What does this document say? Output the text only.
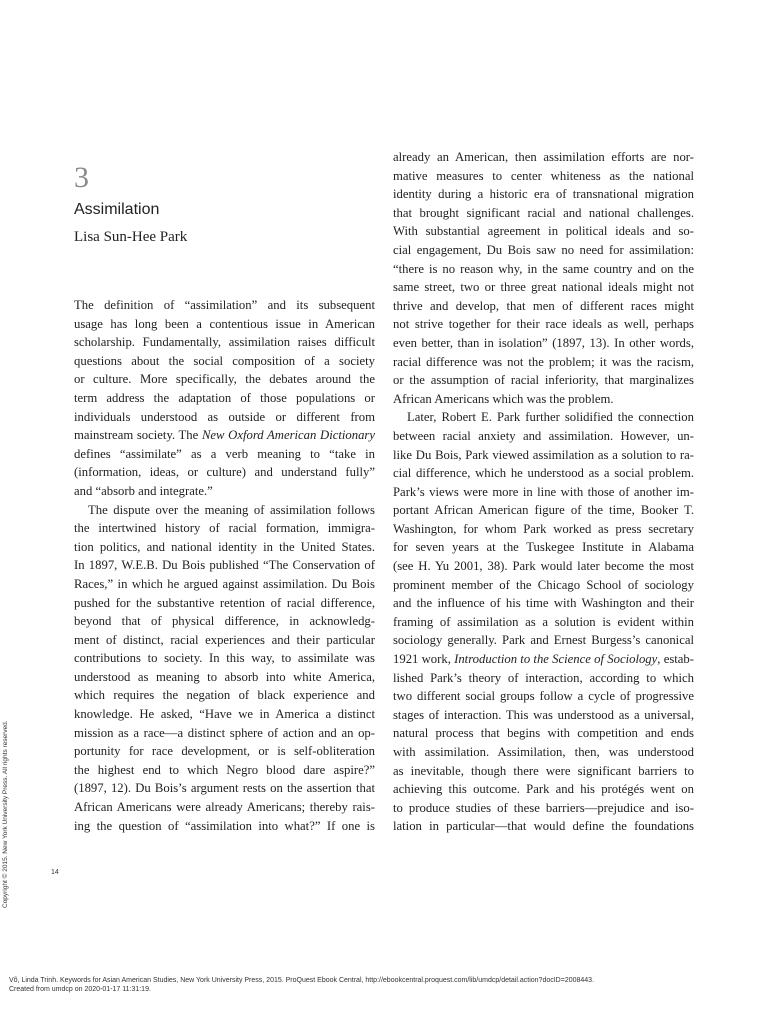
3
Assimilation
Lisa Sun-Hee Park
The definition of “assimilation” and its subsequent
usage has long been a contentious issue in American
scholarship. Fundamentally, assimilation raises difficult
questions about the social composition of a society
or culture. More specifically, the debates around the
term address the adaptation of those populations or
individuals understood as outside or different from
mainstream society. The New Oxford American Dictionary
defines “assimilate” as a verb meaning to “take in
(information, ideas, or culture) and understand fully”
and “absorb and integrate.”
The dispute over the meaning of assimilation follows
the intertwined history of racial formation, immigra-
tion politics, and national identity in the United States.
In 1897, W.E.B. Du Bois published “The Conservation of
Races,” in which he argued against assimilation. Du Bois
pushed for the substantive retention of racial difference,
beyond that of physical difference, in acknowledg-
ment of distinct, racial experiences and their particular
contributions to society. In this way, to assimilate was
understood as meaning to absorb into white America,
which requires the negation of black experience and
knowledge. He asked, “Have we in America a distinct
mission as a race—a distinct sphere of action and an op-
portunity for race development, or is self-obliteration
the highest end to which Negro blood dare aspire?”
(1897, 12). Du Bois’s argument rests on the assertion that
African Americans were already Americans; thereby rais-
ing the question of “assimilation into what?” If one is
already an American, then assimilation efforts are nor-
mative measures to center whiteness as the national
identity during a historic era of transnational migration
that brought significant racial and national challenges.
With substantial agreement in political ideals and so-
cial engagement, Du Bois saw no need for assimilation:
“there is no reason why, in the same country and on the
same street, two or three great national ideals might not
thrive and develop, that men of different races might
not strive together for their race ideals as well, perhaps
even better, than in isolation” (1897, 13). In other words,
racial difference was not the problem; it was the racism,
or the assumption of racial inferiority, that marginalizes
African Americans which was the problem.
Later, Robert E. Park further solidified the connection
between racial anxiety and assimilation. However, un-
like Du Bois, Park viewed assimilation as a solution to ra-
cial difference, which he understood as a social problem.
Park’s views were more in line with those of another im-
portant African American figure of the time, Booker T.
Washington, for whom Park worked as press secretary
for seven years at the Tuskegee Institute in Alabama
(see H. Yu 2001, 38). Park would later become the most
prominent member of the Chicago School of sociology
and the influence of his time with Washington and their
framing of assimilation as a solution is evident within
sociology generally. Park and Ernest Burgess’s canonical
1921 work, Introduction to the Science of Sociology, estab-
lished Park’s theory of interaction, according to which
two different social groups follow a cycle of progressive
stages of interaction. This was understood as a universal,
natural process that begins with competition and ends
with assimilation. Assimilation, then, was understood
as inevitable, though there were significant barriers to
achieving this outcome. Park and his protégés went on
to produce studies of these barriers—prejudice and iso-
lation in particular—that would define the foundations
14
Copyright © 2015. New York University Press. All rights reserved.
Võ, Linda Trinh. Keywords for Asian American Studies, New York University Press, 2015. ProQuest Ebook Central, http://ebookcentral.proquest.com/lib/umdcp/detail.action?docID=2008443.
Created from umdcp on 2020-01-17 11:31:19.
